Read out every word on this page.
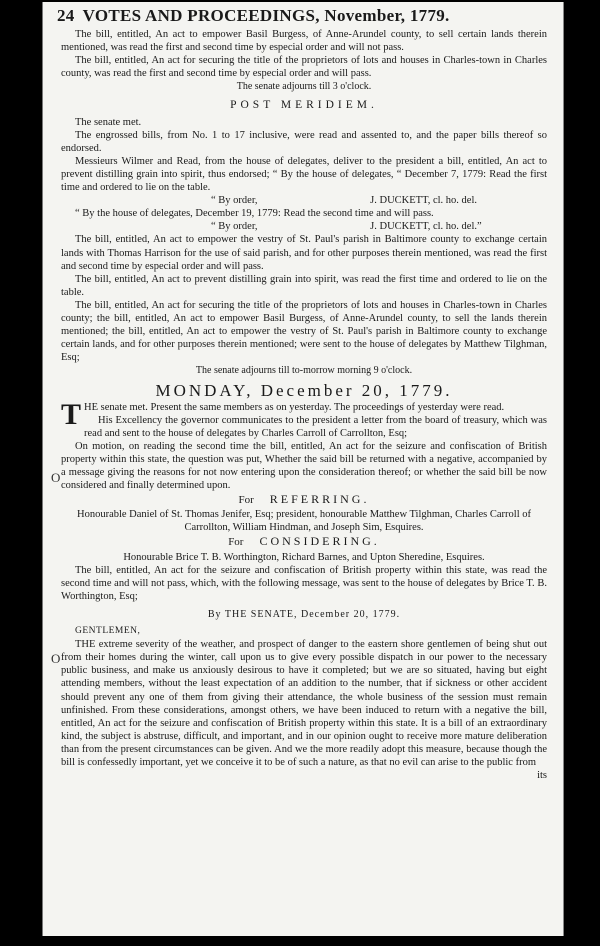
24 VOTES AND PROCEEDINGS, November, 1779.
O
O

The bill, entitled, An act to empower Basil Burgess, of Anne-Arundel county, to sell certain lands therein mentioned, was read the first and second time by especial order and will not pass.

The bill, entitled, An act for securing the title of the proprietors of lots and houses in Charles-town in Charles county, was read the first and second time by especial order and will pass.

The senate adjourns till 3 o'clock.

POST MERIDIEM.

The senate met.

The engrossed bills, from No. 1 to 17 inclusive, were read and assented to, and the paper bills thereof so endorsed.

Messieurs Wilmer and Read, from the house of delegates, deliver to the president a bill, entitled, An act to prevent distilling grain into spirit, thus endorsed; “ By the house of delegates, “ December 7, 1779: Read the first time and ordered to lie on the table.

“ By order,	J. DUCKETT, cl. ho. del.

“ By the house of delegates, December 19, 1779: Read the second time and will pass.

“ By order,	J. DUCKETT, cl. ho. del.”

The bill, entitled, An act to empower the vestry of St. Paul's parish in Baltimore county to exchange certain lands with Thomas Harrison for the use of said parish, and for other purposes therein mentioned, was read the first and second time by especial order and will pass.

The bill, entitled, An act to prevent distilling grain into spirit, was read the first time and ordered to lie on the table.

The bill, entitled, An act for securing the title of the proprietors of lots and houses in Charles-town in Charles county; the bill, entitled, An act to empower Basil Burgess, of Anne-Arundel county, to sell the lands therein mentioned; the bill, entitled, An act to empower the vestry of St. Paul's parish in Baltimore county to exchange certain lands, and for other purposes therein mentioned; were sent to the house of delegates by Matthew Tilghman, Esq;

The senate adjourns till to-morrow morning 9 o'clock.

MONDAY, December 20, 1779.

THE senate met. Present the same members as on yesterday. The proceedings of yesterday were read.

His Excellency the governor communicates to the president a letter from the board of treasury, which was read and sent to the house of delegates by Charles Carroll of Carrollton, Esq;

On motion, on reading the second time the bill, entitled, An act for the seizure and confiscation of British property within this state, the question was put, Whether the said bill be returned with a negative, accompanied by a message giving the reasons for not now entering upon the consideration thereof; or whether the said bill be now considered and finally determined upon.

For REFERRING.

Honourable Daniel of St. Thomas Jenifer, Esq; president, honourable Matthew Tilghman, Charles Carroll of Carrollton, William Hindman, and Joseph Sim, Esquires.

For CONSIDERING.

Honourable Brice T. B. Worthington, Richard Barnes, and Upton Sheredine, Esquires.

The bill, entitled, An act for the seizure and confiscation of British property within this state, was read the second time and will not pass, which, with the following message, was sent to the house of delegates by Brice T. B. Worthington, Esq;

By THE SENATE, December 20, 1779.

GENTLEMEN,

THE extreme severity of the weather, and prospect of danger to the eastern shore gentlemen of being shut out from their homes during the winter, call upon us to give every possible dispatch in our power to the necessary public business, and make us anxiously desirous to have it completed; but we are so situated, having but eight attending members, without the least expectation of an addition to the number, that if sickness or other accident should prevent any one of them from giving their attendance, the whole business of the session must remain unfinished. From these considerations, amongst others, we have been induced to return with a negative the bill, entitled, An act for the seizure and confiscation of British property within this state. It is a bill of an extraordinary kind, the subject is abstruse, difficult, and important, and in our opinion ought to receive more mature deliberation than from the present circumstances can be given. And we the more readily adopt this measure, because though the bill is confessedly important, yet we conceive it to be of such a nature, as that no evil can arise to the public from

its
